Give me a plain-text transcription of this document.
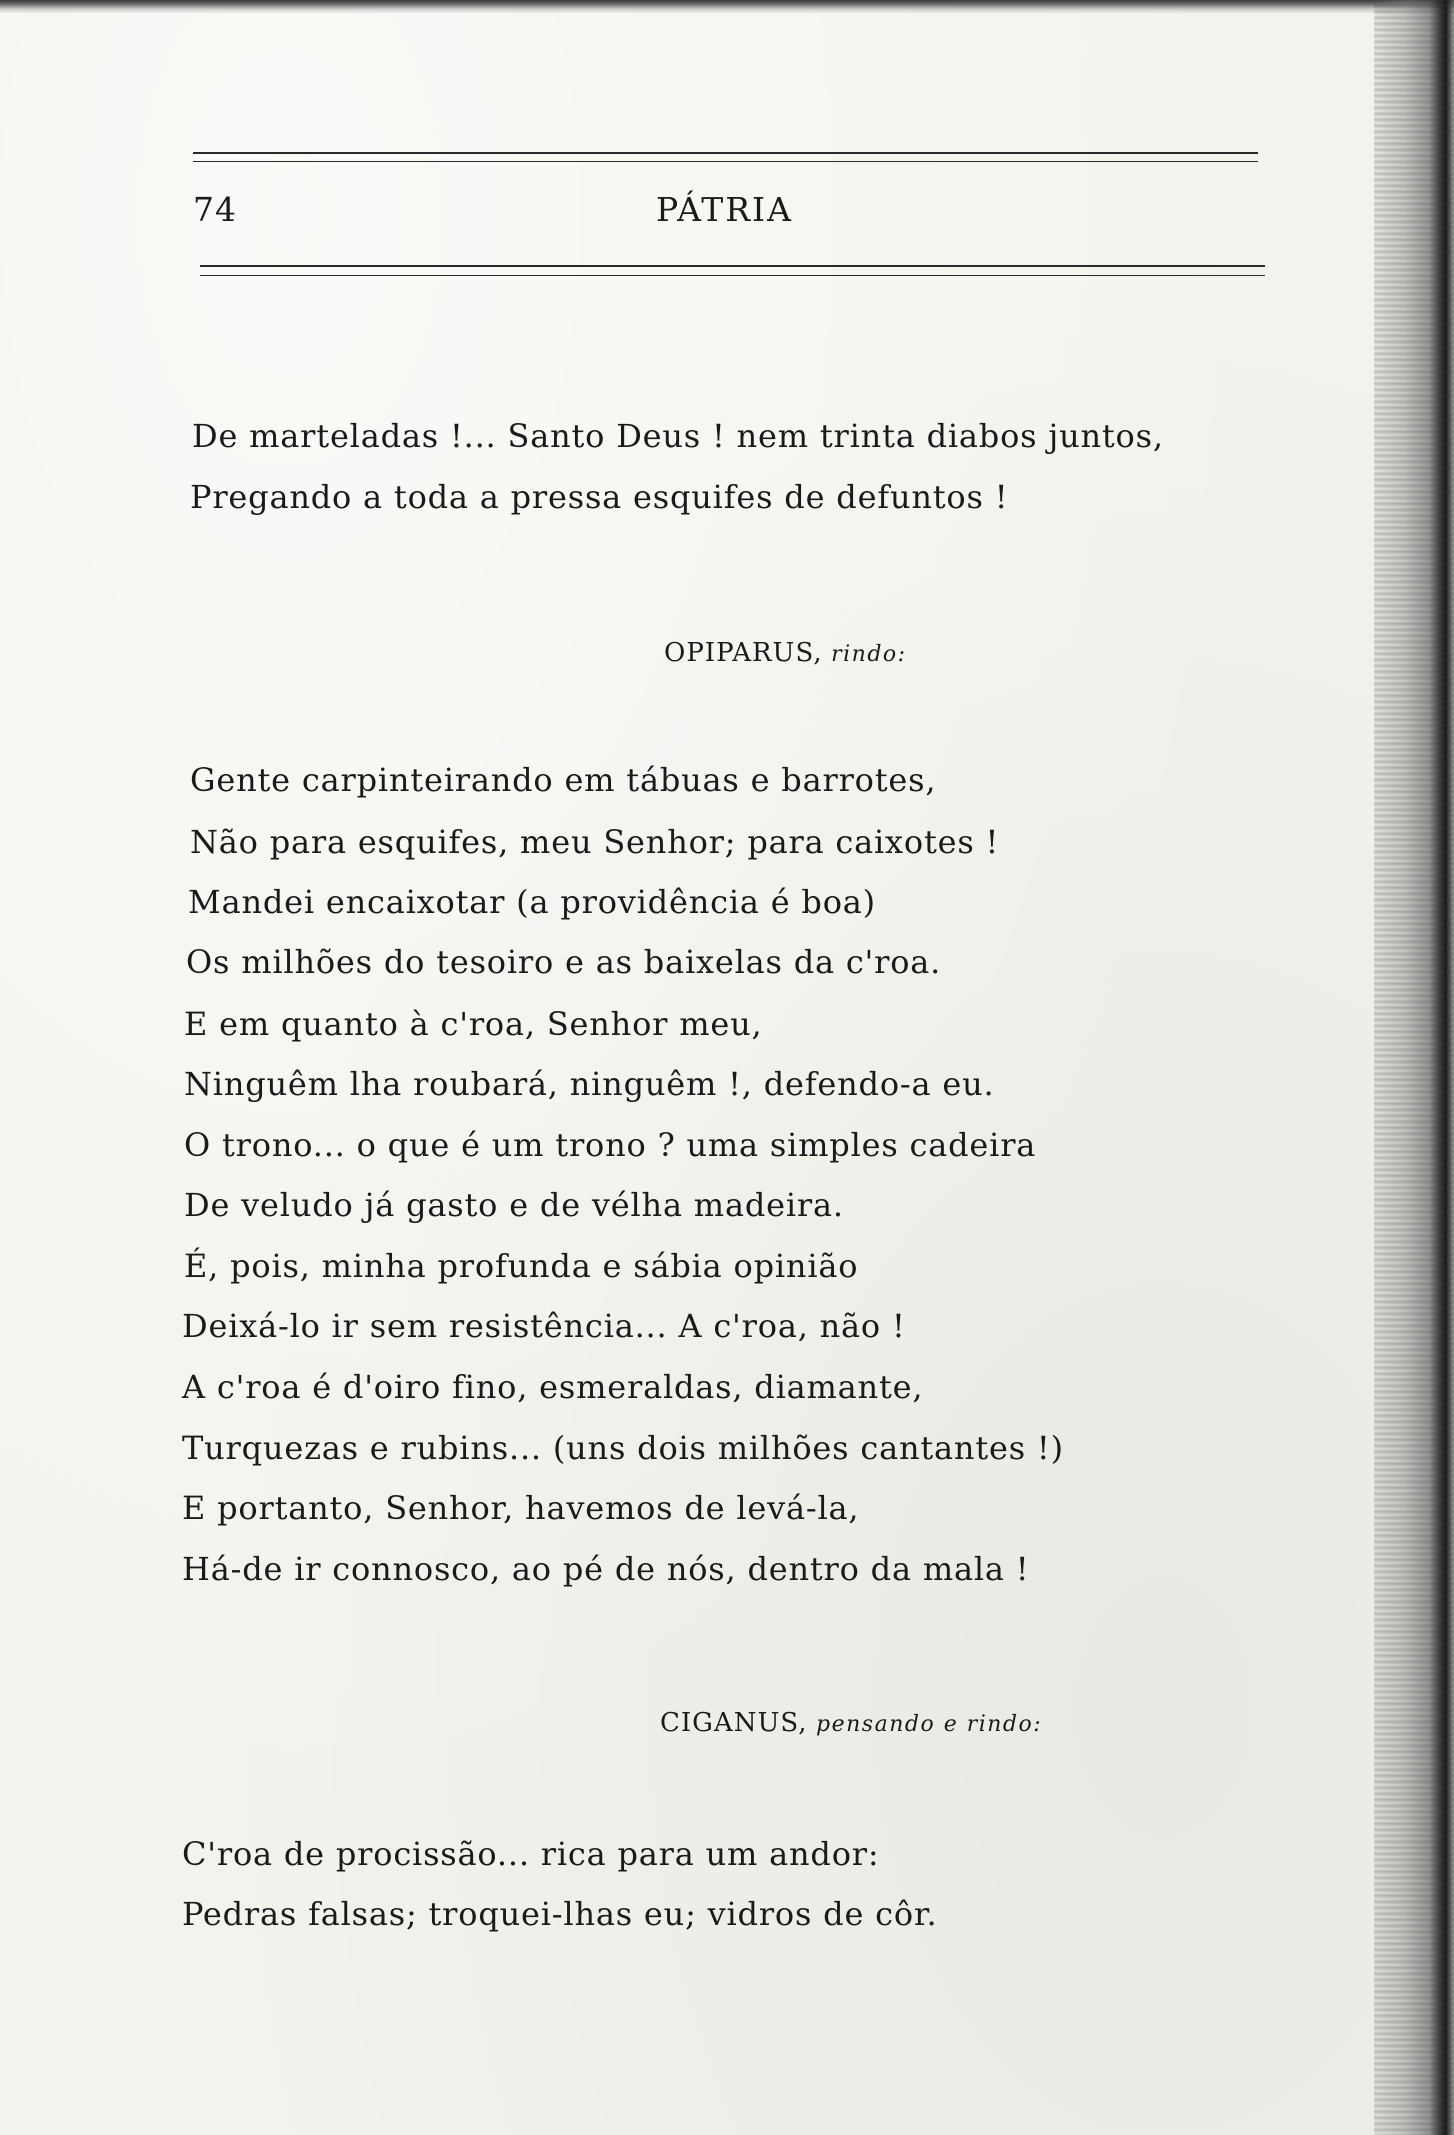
74	PÁTRIA
De marteladas !... Santo Deus ! nem trinta diabos juntos,
Pregando a toda a pressa esquifes de defuntos !
OPIPARUS, rindo:
Gente carpinteirando em tábuas e barrotes,
Não para esquifes, meu Senhor; para caixotes !
Mandei encaixotar (a providência é boa)
Os milhões do tesoiro e as baixelas da c'roa.
E em quanto à c'roa, Senhor meu,
Ninguêm lha roubará, ninguêm !, defendo-a eu.
O trono... o que é um trono ? uma simples cadeira
De veludo já gasto e de vélha madeira.
É, pois, minha profunda e sábia opinião
Deixá-lo ir sem resistência... A c'roa, não !
A c'roa é d'oiro fino, esmeraldas, diamante,
Turquezas e rubins... (uns dois milhões cantantes !)
E portanto, Senhor, havemos de levá-la,
Há-de ir connosco, ao pé de nós, dentro da mala !
CIGANUS, pensando e rindo:
C'roa de procissão... rica para um andor:
Pedras falsas; troquei-lhas eu; vidros de côr.
